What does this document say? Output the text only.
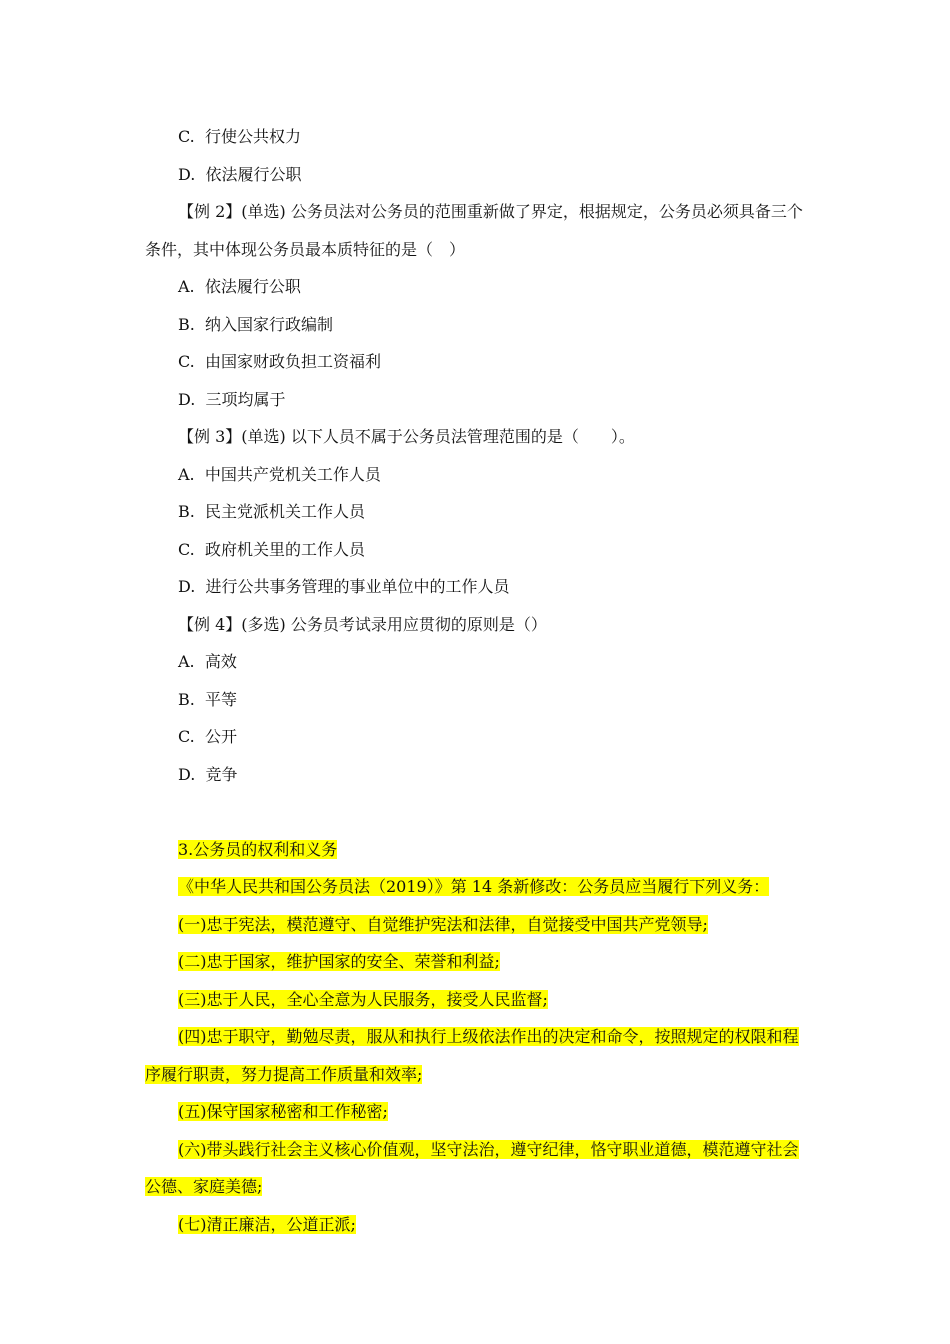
C. 行使公共权力
D. 依法履行公职
【例 2】(单选) 公务员法对公务员的范围重新做了界定，根据规定，公务员必须具备三个条件，其中体现公务员最本质特征的是（　）
A. 依法履行公职
B. 纳入国家行政编制
C. 由国家财政负担工资福利
D. 三项均属于
【例 3】(单选) 以下人员不属于公务员法管理范围的是（　　）。
A. 中国共产党机关工作人员
B. 民主党派机关工作人员
C. 政府机关里的工作人员
D. 进行公共事务管理的事业单位中的工作人员
【例 4】(多选) 公务员考试录用应贯彻的原则是（）
A. 高效
B. 平等
C. 公开
D. 竞争
3.公务员的权利和义务
《中华人民共和国公务员法（2019）》第 14 条新修改：公务员应当履行下列义务：
(一)忠于宪法，模范遵守、自觉维护宪法和法律，自觉接受中国共产党领导;
(二)忠于国家，维护国家的安全、荣誉和利益;
(三)忠于人民，全心全意为人民服务，接受人民监督;
(四)忠于职守，勤勉尽责，服从和执行上级依法作出的决定和命令，按照规定的权限和程序履行职责，努力提高工作质量和效率;
(五)保守国家秘密和工作秘密;
(六)带头践行社会主义核心价值观，坚守法治，遵守纪律，恪守职业道德，模范遵守社会公德、家庭美德;
(七)清正廉洁，公道正派;
